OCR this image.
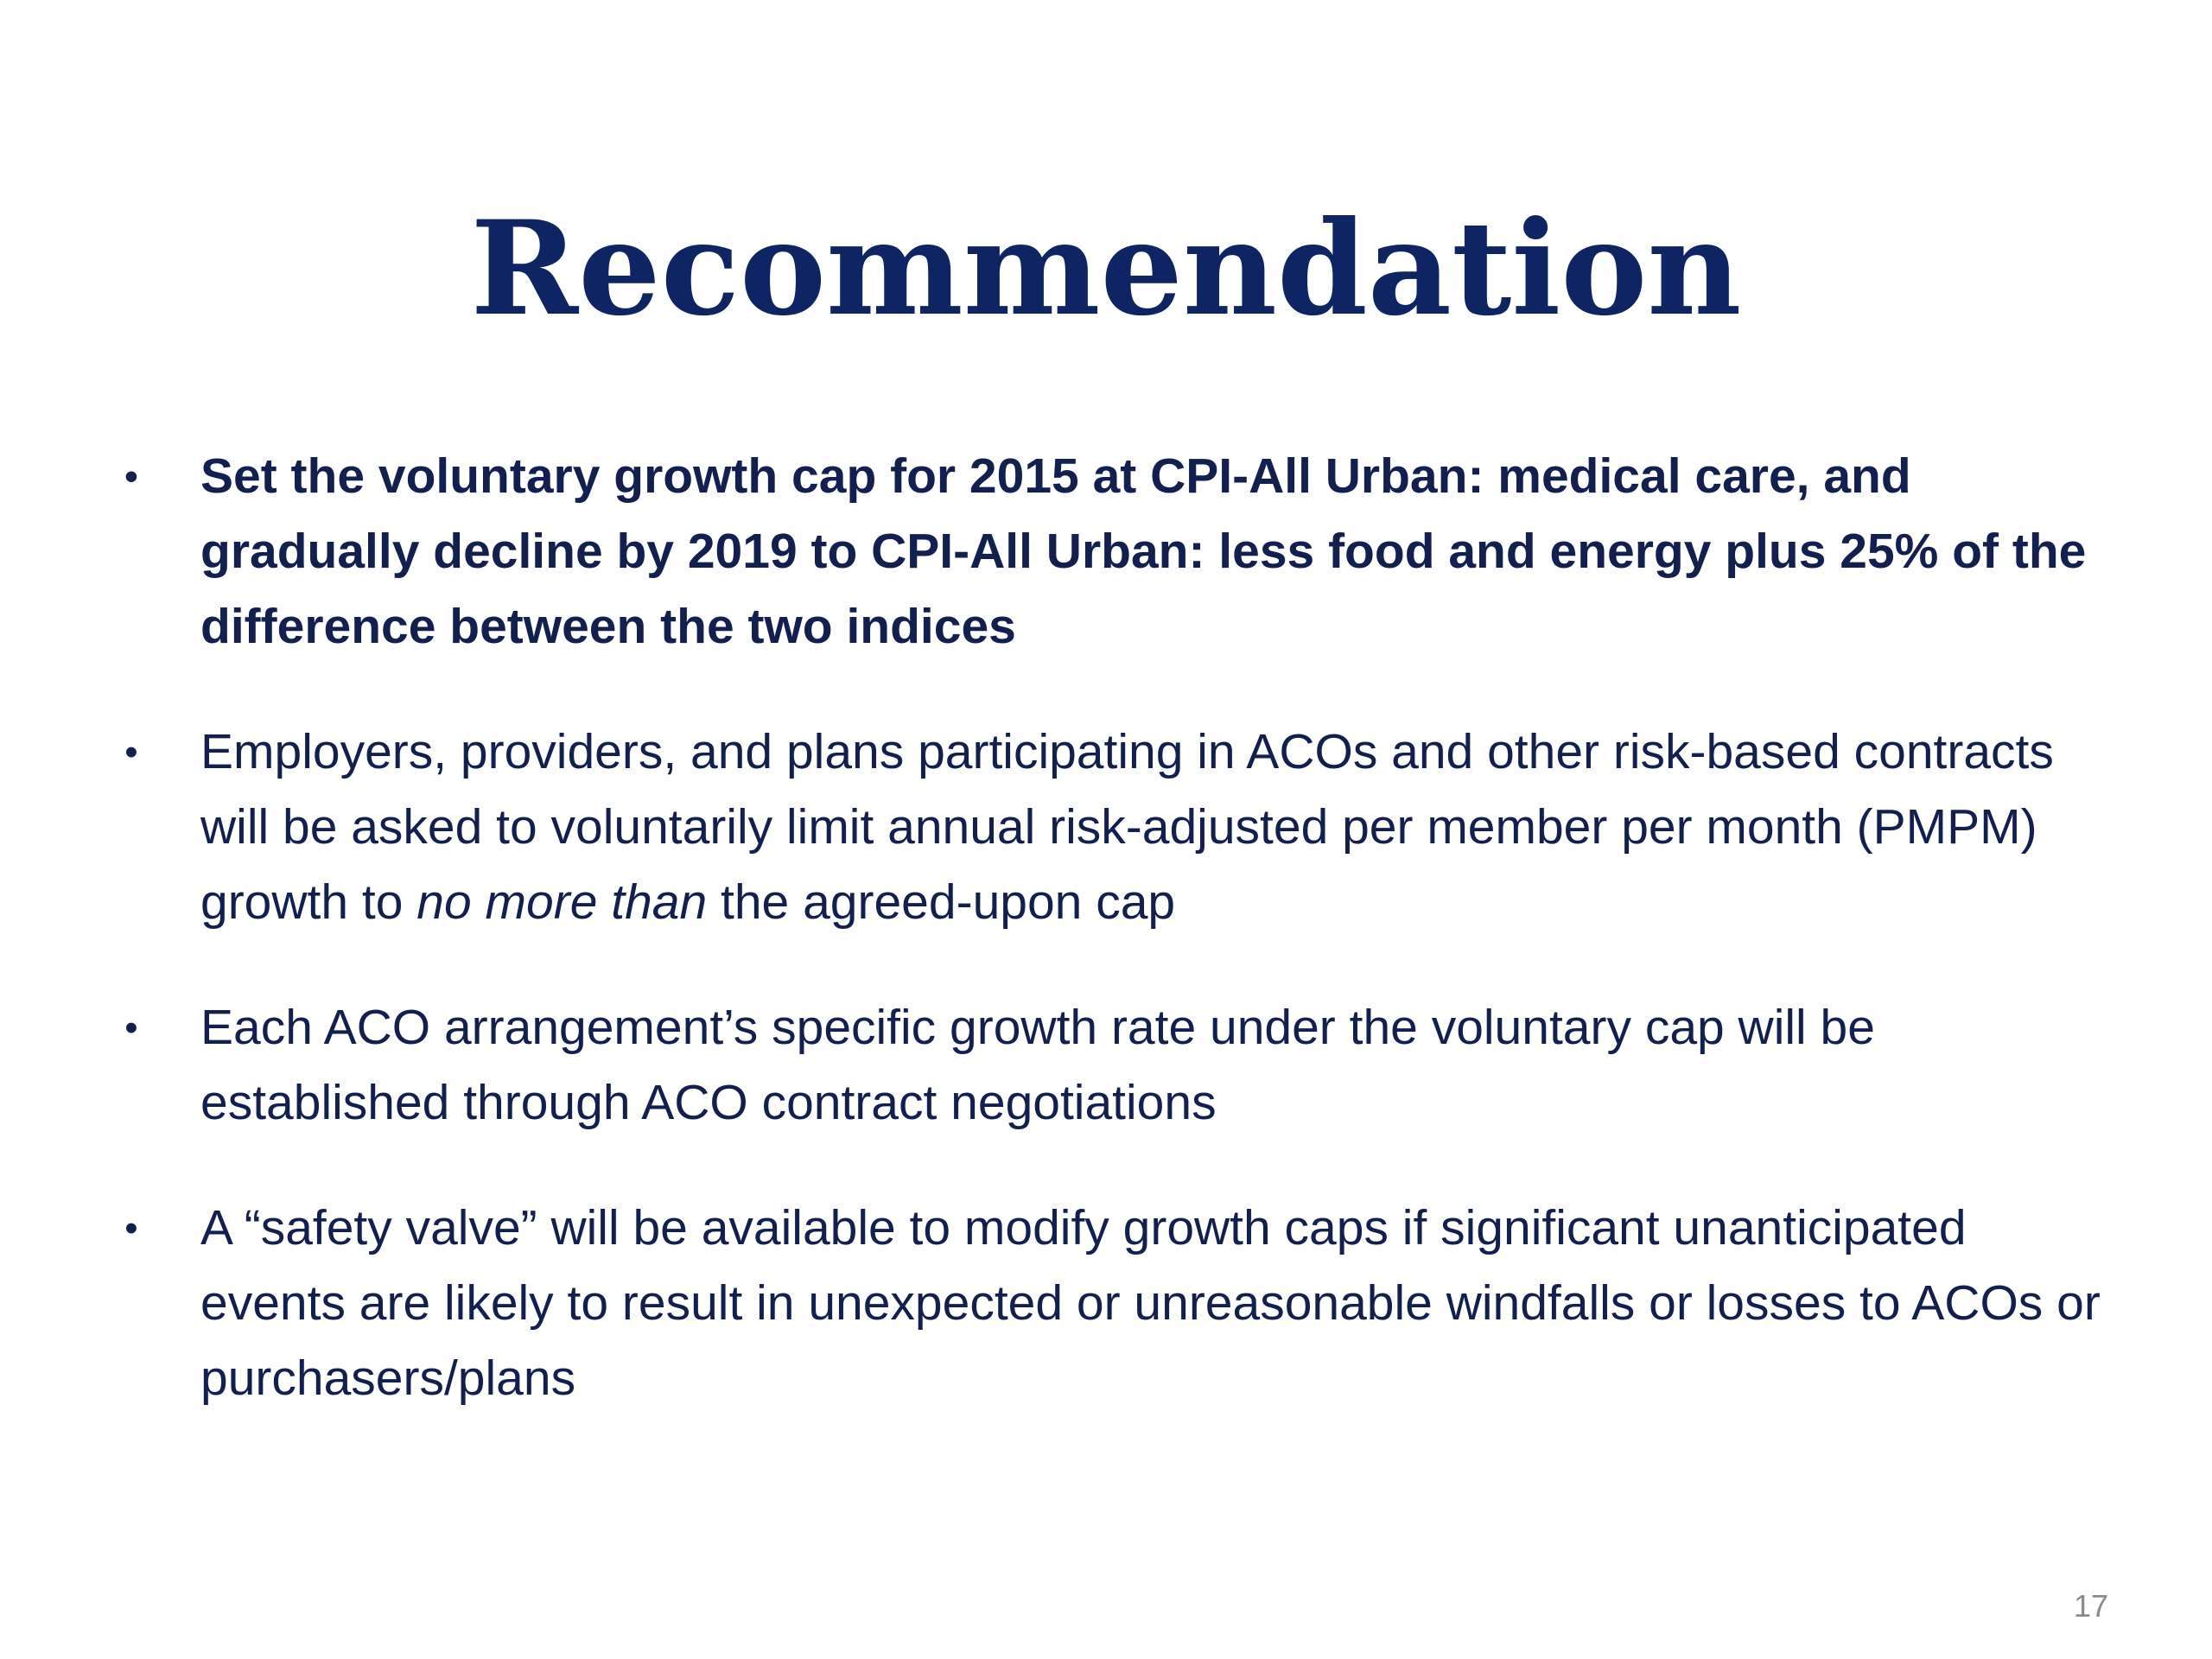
Recommendation
• Set the voluntary growth cap for 2015 at CPI-All Urban: medical care, and gradually decline by 2019 to CPI-All Urban: less food and energy plus 25% of the difference between the two indices
• Employers, providers, and plans participating in ACOs and other risk-based contracts will be asked to voluntarily limit annual risk-adjusted per member per month (PMPM) growth to no more than the agreed-upon cap
• Each ACO arrangement’s specific growth rate under the voluntary cap will be established through ACO contract negotiations
• A “safety valve” will be available to modify growth caps if significant unanticipated events are likely to result in unexpected or unreasonable windfalls or losses to ACOs or purchasers/plans
17
